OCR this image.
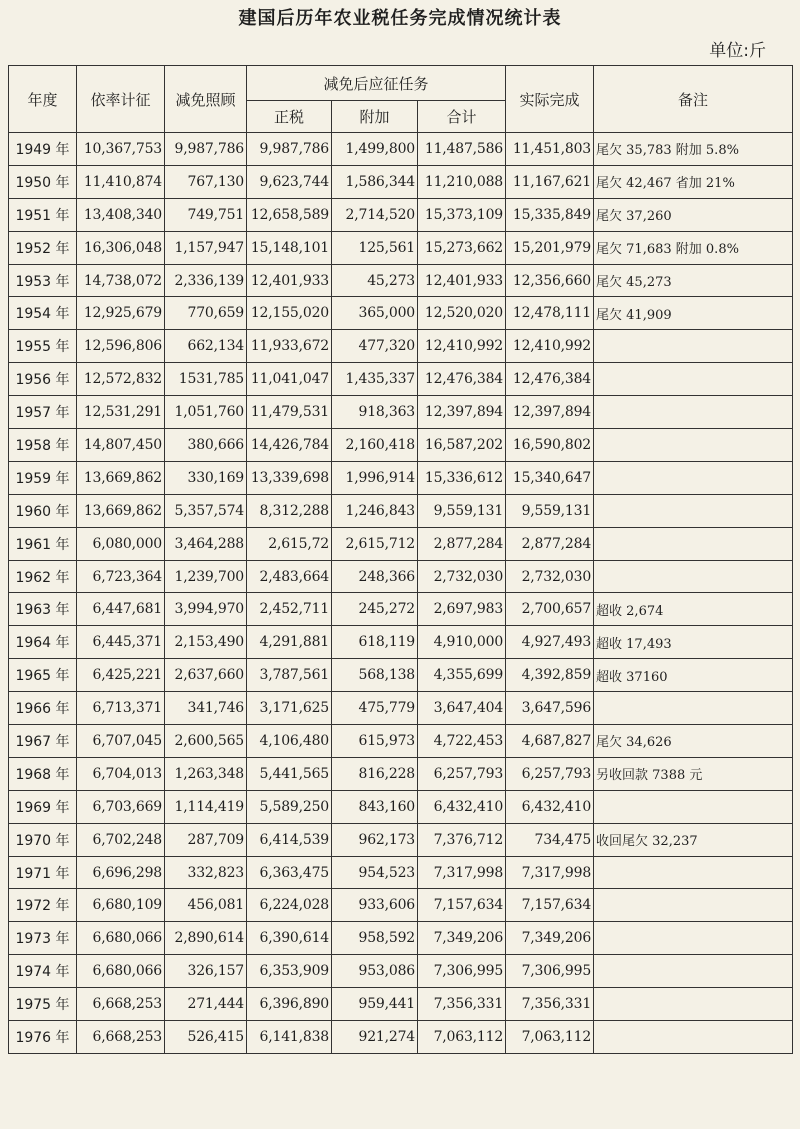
建国后历年农业税任务完成情况统计表
单位:斤
年度	依率计征	减免照顾	减免后应征任务			实际完成	备注
			正税	附加	合计		
1949 年	10,367,753	9,987,786	9,987,786	1,499,800	11,487,586	11,451,803	尾欠 35,783 附加 5.8%
1950 年	11,410,874	767,130	9,623,744	1,586,344	11,210,088	11,167,621	尾欠 42,467 省加 21%
1951 年	13,408,340	749,751	12,658,589	2,714,520	15,373,109	15,335,849	尾欠 37,260
1952 年	16,306,048	1,157,947	15,148,101	125,561	15,273,662	15,201,979	尾欠 71,683 附加 0.8%
1953 年	14,738,072	2,336,139	12,401,933	45,273	12,401,933	12,356,660	尾欠 45,273
1954 年	12,925,679	770,659	12,155,020	365,000	12,520,020	12,478,111	尾欠 41,909
1955 年	12,596,806	662,134	11,933,672	477,320	12,410,992	12,410,992	
1956 年	12,572,832	1531,785	11,041,047	1,435,337	12,476,384	12,476,384	
1957 年	12,531,291	1,051,760	11,479,531	918,363	12,397,894	12,397,894	
1958 年	14,807,450	380,666	14,426,784	2,160,418	16,587,202	16,590,802	
1959 年	13,669,862	330,169	13,339,698	1,996,914	15,336,612	15,340,647	
1960 年	13,669,862	5,357,574	8,312,288	1,246,843	9,559,131	9,559,131	
1961 年	6,080,000	3,464,288	2,615,72	2,615,712	2,877,284	2,877,284	
1962 年	6,723,364	1,239,700	2,483,664	248,366	2,732,030	2,732,030	
1963 年	6,447,681	3,994,970	2,452,711	245,272	2,697,983	2,700,657	超收 2,674
1964 年	6,445,371	2,153,490	4,291,881	618,119	4,910,000	4,927,493	超收 17,493
1965 年	6,425,221	2,637,660	3,787,561	568,138	4,355,699	4,392,859	超收 37160
1966 年	6,713,371	341,746	3,171,625	475,779	3,647,404	3,647,596	
1967 年	6,707,045	2,600,565	4,106,480	615,973	4,722,453	4,687,827	尾欠 34,626
1968 年	6,704,013	1,263,348	5,441,565	816,228	6,257,793	6,257,793	另收回款 7388 元
1969 年	6,703,669	1,114,419	5,589,250	843,160	6,432,410	6,432,410	
1970 年	6,702,248	287,709	6,414,539	962,173	7,376,712	734,475	收回尾欠 32,237
1971 年	6,696,298	332,823	6,363,475	954,523	7,317,998	7,317,998	
1972 年	6,680,109	456,081	6,224,028	933,606	7,157,634	7,157,634	
1973 年	6,680,066	2,890,614	6,390,614	958,592	7,349,206	7,349,206	
1974 年	6,680,066	326,157	6,353,909	953,086	7,306,995	7,306,995	
1975 年	6,668,253	271,444	6,396,890	959,441	7,356,331	7,356,331	
1976 年	6,668,253	526,415	6,141,838	921,274	7,063,112	7,063,112	
